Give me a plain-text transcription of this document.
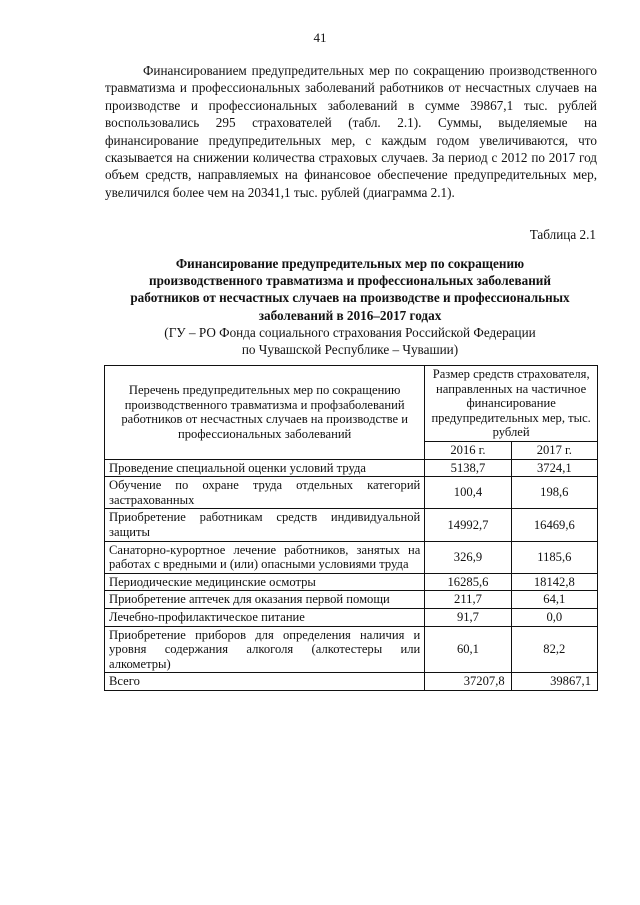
41

Финансированием предупредительных мер по сокращению производственного травматизма и профессиональных заболеваний работников от несчастных случаев на производстве и профессиональных заболеваний в сумме 39867,1 тыс. рублей воспользовались 295 страхователей (табл. 2.1). Суммы, выделяемые на финансирование предупредительных мер, с каждым годом увеличиваются, что сказывается на снижении количества страховых случаев. За период с 2012 по 2017 год объем средств, направляемых на финансовое обеспечение предупредительных мер, увеличился более чем на 20341,1 тыс. рублей (диаграмма 2.1).

Таблица 2.1
Финансирование предупредительных мер по сокращению
производственного травматизма и профессиональных заболеваний
работников от несчастных случаев на производстве и профессиональных
заболеваний в 2016–2017 годах
(ГУ – РО Фонда социального страхования Российской Федерации
по Чувашской Республике – Чувашии)
Перечень предупредительных мер по сокращению производственного травматизма и профзаболеваний работников от несчастных случаев на производстве и профессиональных заболеваний	Размер средств страхователя, направленных на частичное финансирование предупредительных мер, тыс. рублей	
	2016 г.	2017 г.
Проведение специальной оценки условий труда	5138,7	3724,1
Обучение по охране труда отдельных категорий застрахованных	100,4	198,6
Приобретение работникам средств индивидуальной защиты	14992,7	16469,6
Санаторно-курортное лечение работников, занятых на работах с вредными и (или) опасными условиями труда	326,9	1185,6
Периодические медицинские осмотры	16285,6	18142,8
Приобретение аптечек для оказания первой помощи	211,7	64,1
Лечебно-профилактическое питание	91,7	0,0
Приобретение приборов для определения наличия и уровня содержания алкоголя (алкотестеры или алкометры)	60,1	82,2
Всего	37207,8	39867,1
